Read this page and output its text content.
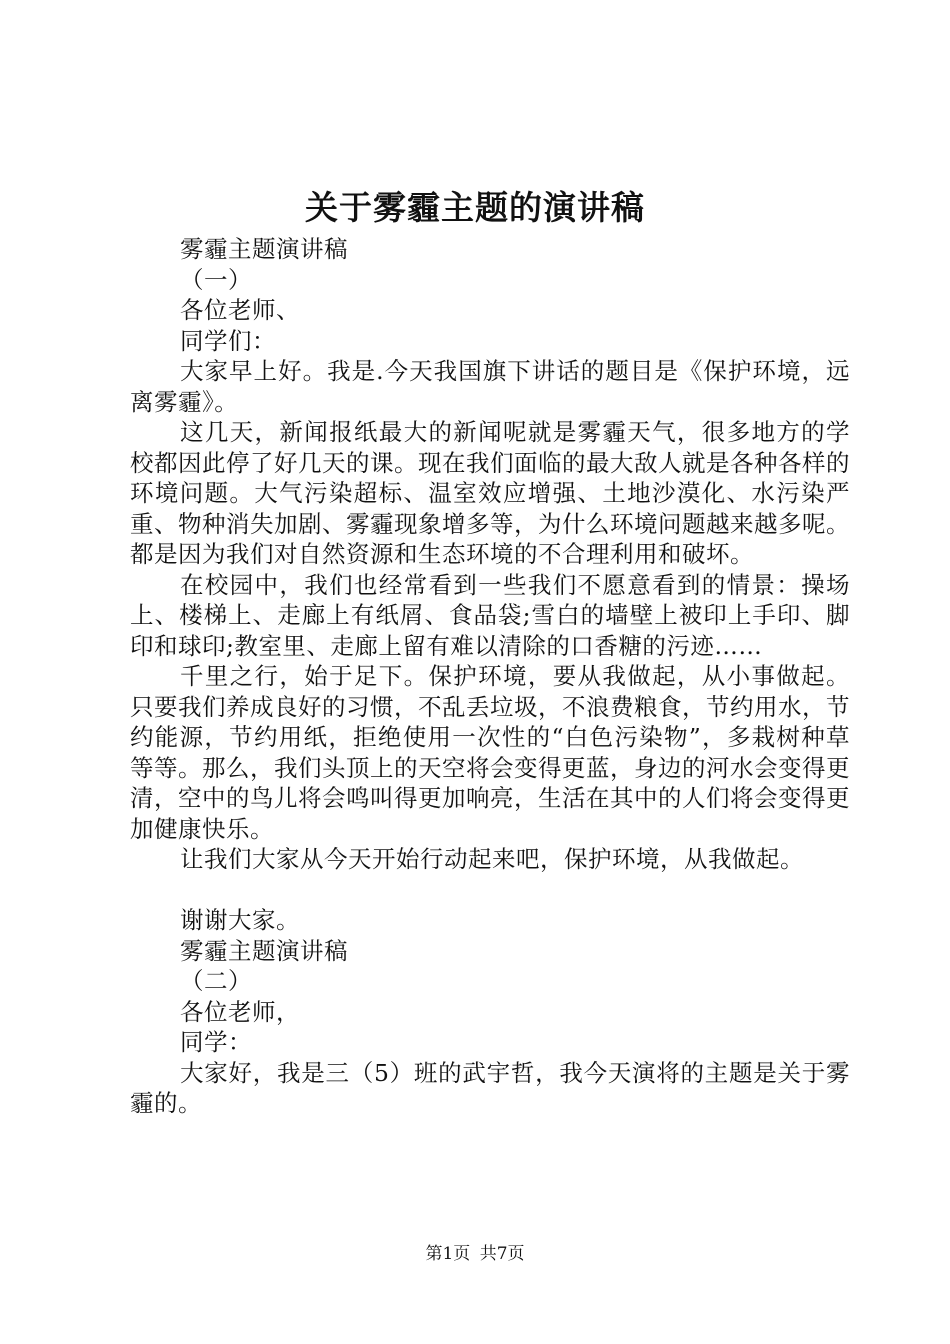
关于雾霾主题的演讲稿

雾霾主题演讲稿

（一）

各位老师、

同学们：

大家早上好。我是.今天我国旗下讲话的题目是《保护环境，远离雾霾》。

这几天，新闻报纸最大的新闻呢就是雾霾天气，很多地方的学校都因此停了好几天的课。现在我们面临的最大敌人就是各种各样的环境问题。大气污染超标、温室效应增强、土地沙漠化、水污染严重、物种消失加剧、雾霾现象增多等，为什么环境问题越来越多呢。都是因为我们对自然资源和生态环境的不合理利用和破坏。

在校园中，我们也经常看到一些我们不愿意看到的情景：操场上、楼梯上、走廊上有纸屑、食品袋;雪白的墙壁上被印上手印、脚印和球印;教室里、走廊上留有难以清除的口香糖的污迹……

千里之行，始于足下。保护环境，要从我做起，从小事做起。只要我们养成良好的习惯，不乱丢垃圾，不浪费粮食，节约用水，节约能源，节约用纸，拒绝使用一次性的“白色污染物”，多栽树种草等等。那么，我们头顶上的天空将会变得更蓝，身边的河水会变得更清，空中的鸟儿将会鸣叫得更加响亮，生活在其中的人们将会变得更加健康快乐。

让我们大家从今天开始行动起来吧，保护环境，从我做起。

谢谢大家。

雾霾主题演讲稿

（二）

各位老师，

同学：

大家好，我是三（5）班的武宇哲，我今天演将的主题是关于雾霾的。

第1页 共7页
